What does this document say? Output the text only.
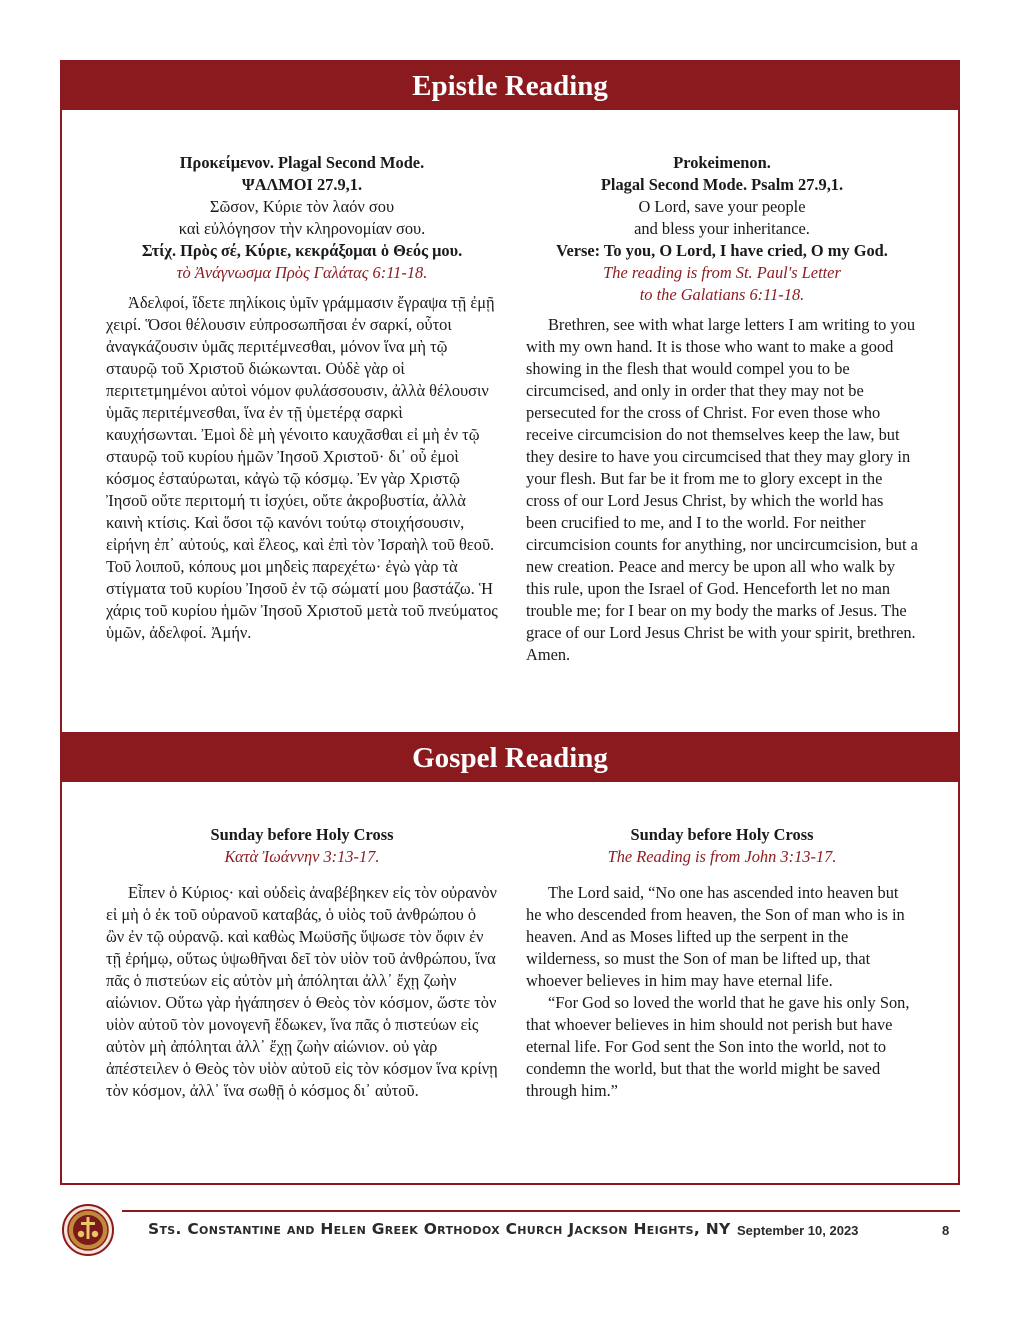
Epistle Reading
Προκείμενον. Plagal Second Mode.
ΨΑΛΜΟΙ 27.9,1.
Σῶσον, Κύριε τὸν λαόν σου
καὶ εὐλόγησον τὴν κληρονομίαν σου.
Στίχ. Πρὸς σέ, Κύριε, κεκράξομαι ὁ Θεός μου.
τὸ Ἀνάγνωσμα Πρὸς Γαλάτας 6:11-18.

Ἀδελφοί, ἴδετε πηλίκοις ὑμῖν γράμμασιν ἔγραψα τῇ ἐμῇ χειρί. Ὅσοι θέλουσιν εὐπροσωπῆσαι ἐν σαρκί, οὗτοι ἀναγκάζουσιν ὑμᾶς περιτέμνεσθαι, μόνον ἵνα μὴ τῷ σταυρῷ τοῦ Χριστοῦ διώκωνται. Οὐδὲ γὰρ οἱ περιτετμημένοι αὐτοὶ νόμον φυλάσσουσιν, ἀλλὰ θέλουσιν ὑμᾶς περιτέμνεσθαι, ἵνα ἐν τῇ ὑμετέρᾳ σαρκὶ καυχήσωνται. Ἐμοὶ δὲ μὴ γένοιτο καυχᾶσθαι εἰ μὴ ἐν τῷ σταυρῷ τοῦ κυρίου ἡμῶν Ἰησοῦ Χριστοῦ· δι᾽ οὗ ἐμοὶ κόσμος ἐσταύρωται, κἀγὼ τῷ κόσμῳ. Ἐν γὰρ Χριστῷ Ἰησοῦ οὔτε περιτομή τι ἰσχύει, οὔτε ἀκροβυστία, ἀλλὰ καινὴ κτίσις. Καὶ ὅσοι τῷ κανόνι τούτῳ στοιχήσουσιν, εἰρήνη ἐπ᾽ αὐτούς, καὶ ἔλεος, καὶ ἐπὶ τὸν Ἰσραὴλ τοῦ θεοῦ. Τοῦ λοιποῦ, κόπους μοι μηδεὶς παρεχέτω· ἐγὼ γὰρ τὰ στίγματα τοῦ κυρίου Ἰησοῦ ἐν τῷ σώματί μου βαστάζω. Ἡ χάρις τοῦ κυρίου ἡμῶν Ἰησοῦ Χριστοῦ μετὰ τοῦ πνεύματος ὑμῶν, ἀδελφοί. Ἀμήν.

Prokeimenon.
Plagal Second Mode. Psalm 27.9,1.
O Lord, save your people
and bless your inheritance.
Verse: To you, O Lord, I have cried, O my God.
The reading is from St. Paul's Letter
to the Galatians 6:11-18.

Brethren, see with what large letters I am writing to you with my own hand. It is those who want to make a good showing in the flesh that would compel you to be circumcised, and only in order that they may not be persecuted for the cross of Christ. For even those who receive circumcision do not themselves keep the law, but they desire to have you circumcised that they may glory in your flesh. But far be it from me to glory except in the cross of our Lord Jesus Christ, by which the world has been crucified to me, and I to the world. For neither circumcision counts for anything, nor uncircumcision, but a new creation. Peace and mercy be upon all who walk by this rule, upon the Israel of God. Henceforth let no man trouble me; for I bear on my body the marks of Jesus. The grace of our Lord Jesus Christ be with your spirit, brethren. Amen.

Gospel Reading
Sunday before Holy Cross
Κατὰ Ἰωάννην 3:13-17.

Εἶπεν ὁ Κύριος· καὶ οὐδεὶς ἀναβέβηκεν εἰς τὸν οὐρανὸν εἰ μὴ ὁ ἐκ τοῦ οὐρανοῦ καταβάς, ὁ υἱὸς τοῦ ἀνθρώπου ὁ ὢν ἐν τῷ οὐρανῷ. καὶ καθὼς Μωϋσῆς ὕψωσε τὸν ὄφιν ἐν τῇ ἐρήμῳ, οὕτως ὑψωθῆναι δεῖ τὸν υἱὸν τοῦ ἀνθρώπου, ἵνα πᾶς ὁ πιστεύων εἰς αὐτὸν μὴ ἀπόληται ἀλλ᾽ ἔχῃ ζωὴν αἰώνιον. Οὕτω γὰρ ἠγάπησεν ὁ Θεὸς τὸν κόσμον, ὥστε τὸν υἱὸν αὐτοῦ τὸν μονογενῆ ἔδωκεν, ἵνα πᾶς ὁ πιστεύων εἰς αὐτὸν μὴ ἀπόληται ἀλλ᾽ ἔχῃ ζωὴν αἰώνιον. οὐ γὰρ ἀπέστειλεν ὁ Θεὸς τὸν υἱὸν αὐτοῦ εἰς τὸν κόσμον ἵνα κρίνῃ τὸν κόσμον, ἀλλ᾽ ἵνα σωθῇ ὁ κόσμος δι᾽ αὐτοῦ.

Sunday before Holy Cross
The Reading is from John 3:13-17.

The Lord said, “No one has ascended into heaven but he who descended from heaven, the Son of man who is in heaven. And as Moses lifted up the serpent in the wilderness, so must the Son of man be lifted up, that whoever believes in him may have eternal life.

“For God so loved the world that he gave his only Son, that whoever believes in him should not perish but have eternal life. For God sent the Son into the world, not to condemn the world, but that the world might be saved through him.”

Sts. Constantine and Helen Greek Orthodox Church Jackson Heights, NY September 10, 2023	8
